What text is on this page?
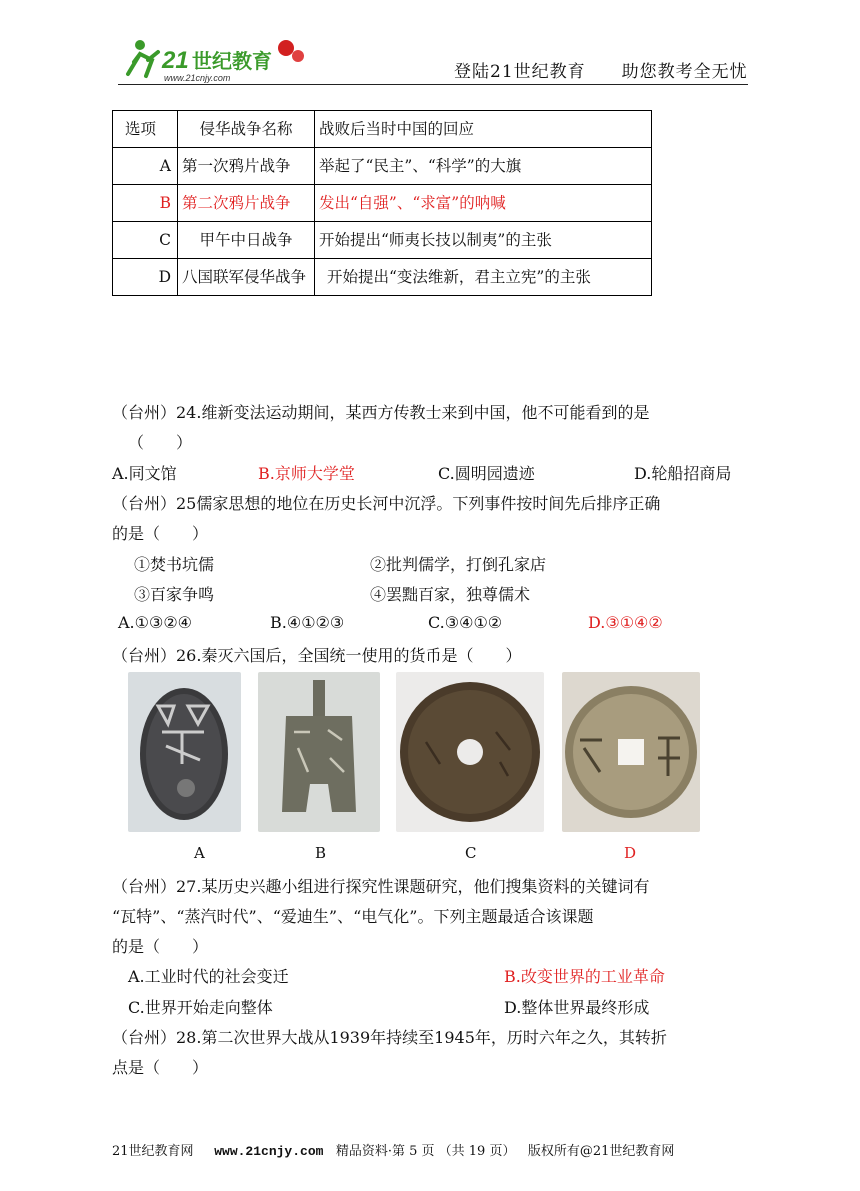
21 世纪教育
www.21cnjy.com	登陆21世纪教育　　 助您教考全无忧
选项	侵华战争名称	战败后当时中国的回应
A	第一次鸦片战争	举起了“民主”、“科学”的大旗
B	第二次鸦片战争	发出“自强”、“求富”的呐喊
C	甲午中日战争	开始提出“师夷长技以制夷”的主张
D	八国联军侵华战争	开始提出“变法维新，君主立宪”的主张
（台州）24.维新变法运动期间，某西方传教士来到中国，他不可能看到的是
（　　）
A.同文馆	B.京师大学堂	C.圆明园遗迹	D.轮船招商局
（台州）25儒家思想的地位在历史长河中沉浮。下列事件按时间先后排序正确
的是（　　）
①焚书坑儒	②批判儒学，打倒孔家店
③百家争鸣	④罢黜百家，独尊儒术
A.①③②④	B.④①②③	C.③④①②	D.③①④②
（台州）26.秦灭六国后，全国统一使用的货币是（　　）
A	B	C	D
（台州）27.某历史兴趣小组进行探究性课题研究，他们搜集资料的关键词有
“瓦特”、“蒸汽时代”、“爱迪生”、“电气化”。下列主题最适合该课题
的是（　　）
A.工业时代的社会变迁	B.改变世界的工业革命
C.世界开始走向整体	D.整体世界最终形成
（台州）28.第二次世界大战从1939年持续至1945年，历时六年之久，其转折
点是（　　）
21世纪教育网 www.21cnjy.com 精品资料·第 5 页 （共 19 页） 版权所有@21世纪教育网
